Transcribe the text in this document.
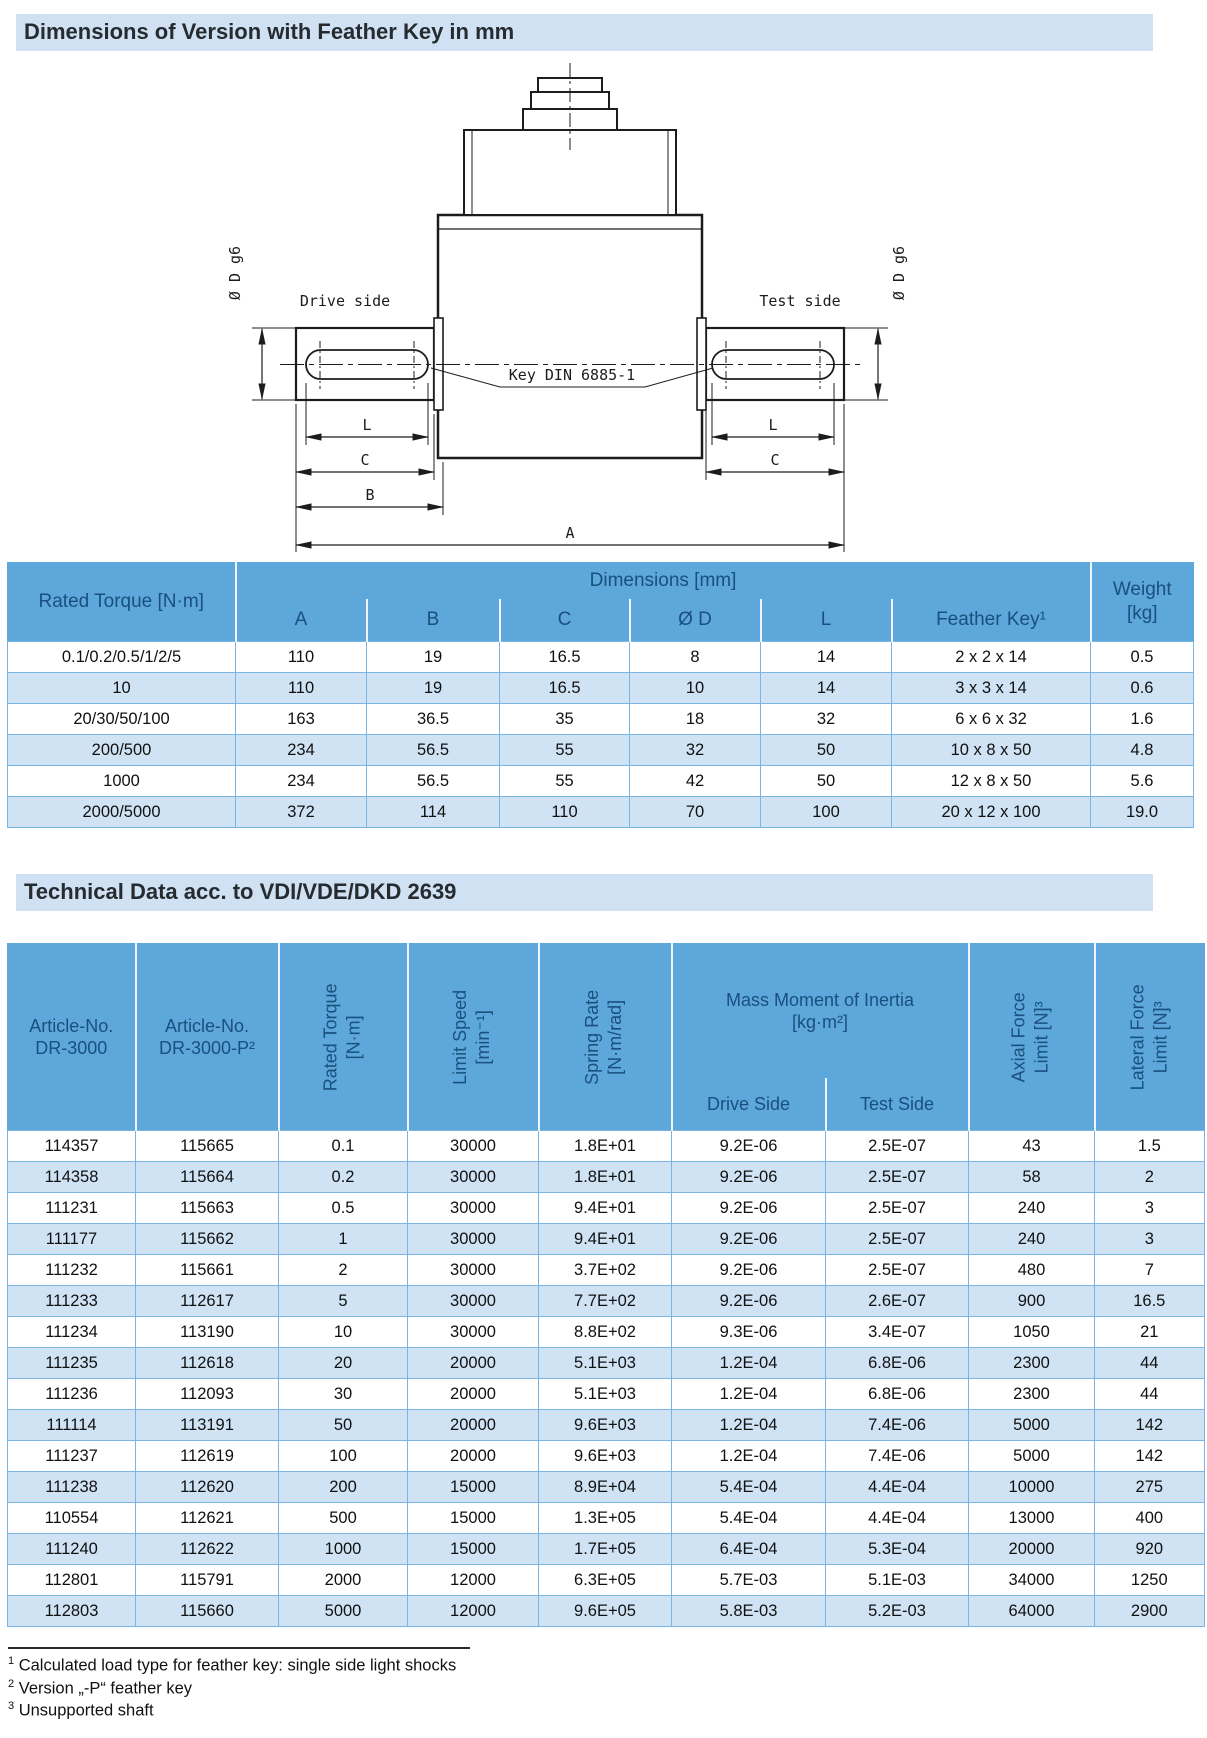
Dimensions of Version with Feather Key in mm
Drive side	Test side
Ø D g6	Ø D g6
Key DIN 6885-1
L
C
B
L
C
A
Rated Torque [N·m]	Dimensions [mm]						Weight
[kg]

	A	B	C	Ø D	L	Feather Key¹	
0.1/0.2/0.5/1/2/5	110	19	16.5	8	14	2 x 2 x 14	0.5
10	110	19	16.5	10	14	3 x 3 x 14	0.6
20/30/50/100	163	36.5	35	18	32	6 x 6 x 32	1.6
200/500	234	56.5	55	32	50	10 x 8 x 50	4.8
1000	234	56.5	55	42	50	12 x 8 x 50	5.6
2000/5000	372	114	110	70	100	20 x 12 x 100	19.0
Technical Data acc. to VDI/VDE/DKD 2639
Article-No.
DR-3000	Article-No.
DR-3000-P²	Rated Torque [N·m]	Limit Speed [min⁻¹]	Spring Rate [N·m/rad]	Mass Moment of Inertia
[kg·m²]		Axial Force Limit [N]³	Lateral Force Limit [N]³

					Drive Side	Test Side		
114357	115665	0.1	30000	1.8E+01	9.2E-06	2.5E-07	43	1.5
114358	115664	0.2	30000	1.8E+01	9.2E-06	2.5E-07	58	2
111231	115663	0.5	30000	9.4E+01	9.2E-06	2.5E-07	240	3
111177	115662	1	30000	9.4E+01	9.2E-06	2.5E-07	240	3
111232	115661	2	30000	3.7E+02	9.2E-06	2.5E-07	480	7
111233	112617	5	30000	7.7E+02	9.2E-06	2.6E-07	900	16.5
111234	113190	10	30000	8.8E+02	9.3E-06	3.4E-07	1050	21
111235	112618	20	20000	5.1E+03	1.2E-04	6.8E-06	2300	44
111236	112093	30	20000	5.1E+03	1.2E-04	6.8E-06	2300	44
111114	113191	50	20000	9.6E+03	1.2E-04	7.4E-06	5000	142
111237	112619	100	20000	9.6E+03	1.2E-04	7.4E-06	5000	142
111238	112620	200	15000	8.9E+04	5.4E-04	4.4E-04	10000	275
110554	112621	500	15000	1.3E+05	5.4E-04	4.4E-04	13000	400
111240	112622	1000	15000	1.7E+05	6.4E-04	5.3E-04	20000	920
112801	115791	2000	12000	6.3E+05	5.7E-03	5.1E-03	34000	1250
112803	115660	5000	12000	9.6E+05	5.8E-03	5.2E-03	64000	2900
$^1$ Calculated load type for feather key: single side light shocks
$^2$ Version „-P“ feather key
$^3$ Unsupported shaft
